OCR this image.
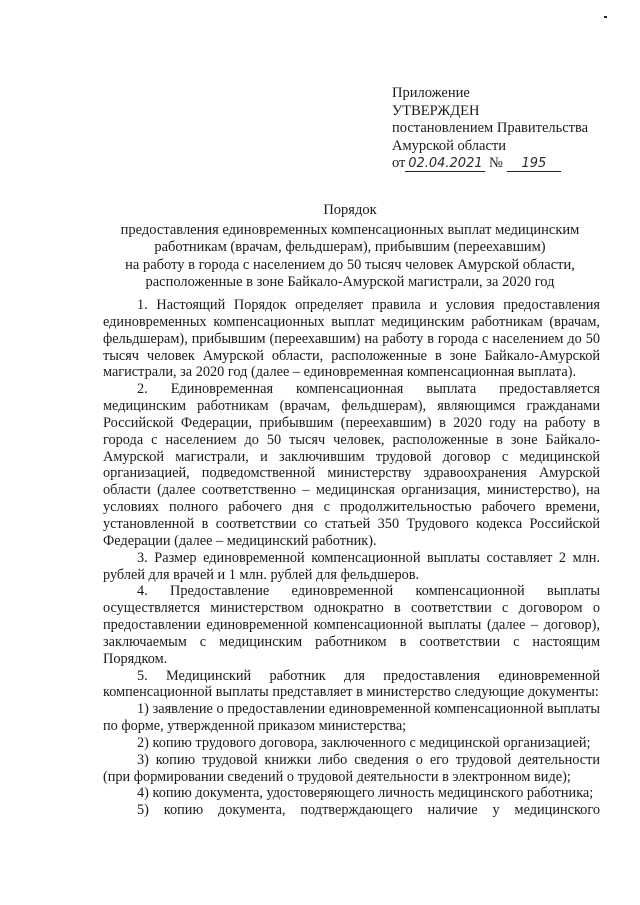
Приложение
УТВЕРЖДЕН
постановлением Правительства
Амурской области
от 02.04.2021 № 195
Порядок
предоставления единовременных компенсационных выплат медицинским
работникам (врачам, фельдшерам), прибывшим (переехавшим)
на работу в города с населением до 50 тысяч человек Амурской области,
расположенные в зоне Байкало-Амурской магистрали, за 2020 год

1. Настоящий Порядок определяет правила и условия предоставления единовременных компенсационных выплат медицинским работникам (врачам, фельдшерам), прибывшим (переехавшим) на работу в города с населением до 50 тысяч человек Амурской области, расположенные в зоне Байкало-Амурской магистрали, за 2020 год (далее – единовременная компенсационная выплата).

2. Единовременная компенсационная выплата предоставляется медицинским работникам (врачам, фельдшерам), являющимся гражданами Российской Федерации, прибывшим (переехавшим) в 2020 году на работу в города с населением до 50 тысяч человек, расположенные в зоне Байкало-Амурской магистрали, и заключившим трудовой договор с медицинской организацией, подведомственной министерству здравоохранения Амурской области (далее соответственно – медицинская организация, министерство), на условиях полного рабочего дня с продолжительностью рабочего времени, установленной в соответствии со статьей 350 Трудового кодекса Российской Федерации (далее – медицинский работник).

3. Размер единовременной компенсационной выплаты составляет 2 млн. рублей для врачей и 1 млн. рублей для фельдшеров.

4. Предоставление единовременной компенсационной выплаты осуществляется министерством однократно в соответствии с договором о предоставлении единовременной компенсационной выплаты (далее – договор), заключаемым с медицинским работником в соответствии с настоящим Порядком.

5. Медицинский работник для предоставления единовременной компенсационной выплаты представляет в министерство следующие документы:

1) заявление о предоставлении единовременной компенсационной выплаты по форме, утвержденной приказом министерства;

2) копию трудового договора, заключенного с медицинской организацией;

3) копию трудовой книжки либо сведения о его трудовой деятельности (при формировании сведений о трудовой деятельности в электронном виде);

4) копию документа, удостоверяющего личность медицинского работника;

5) копию документа, подтверждающего наличие у медицинского
